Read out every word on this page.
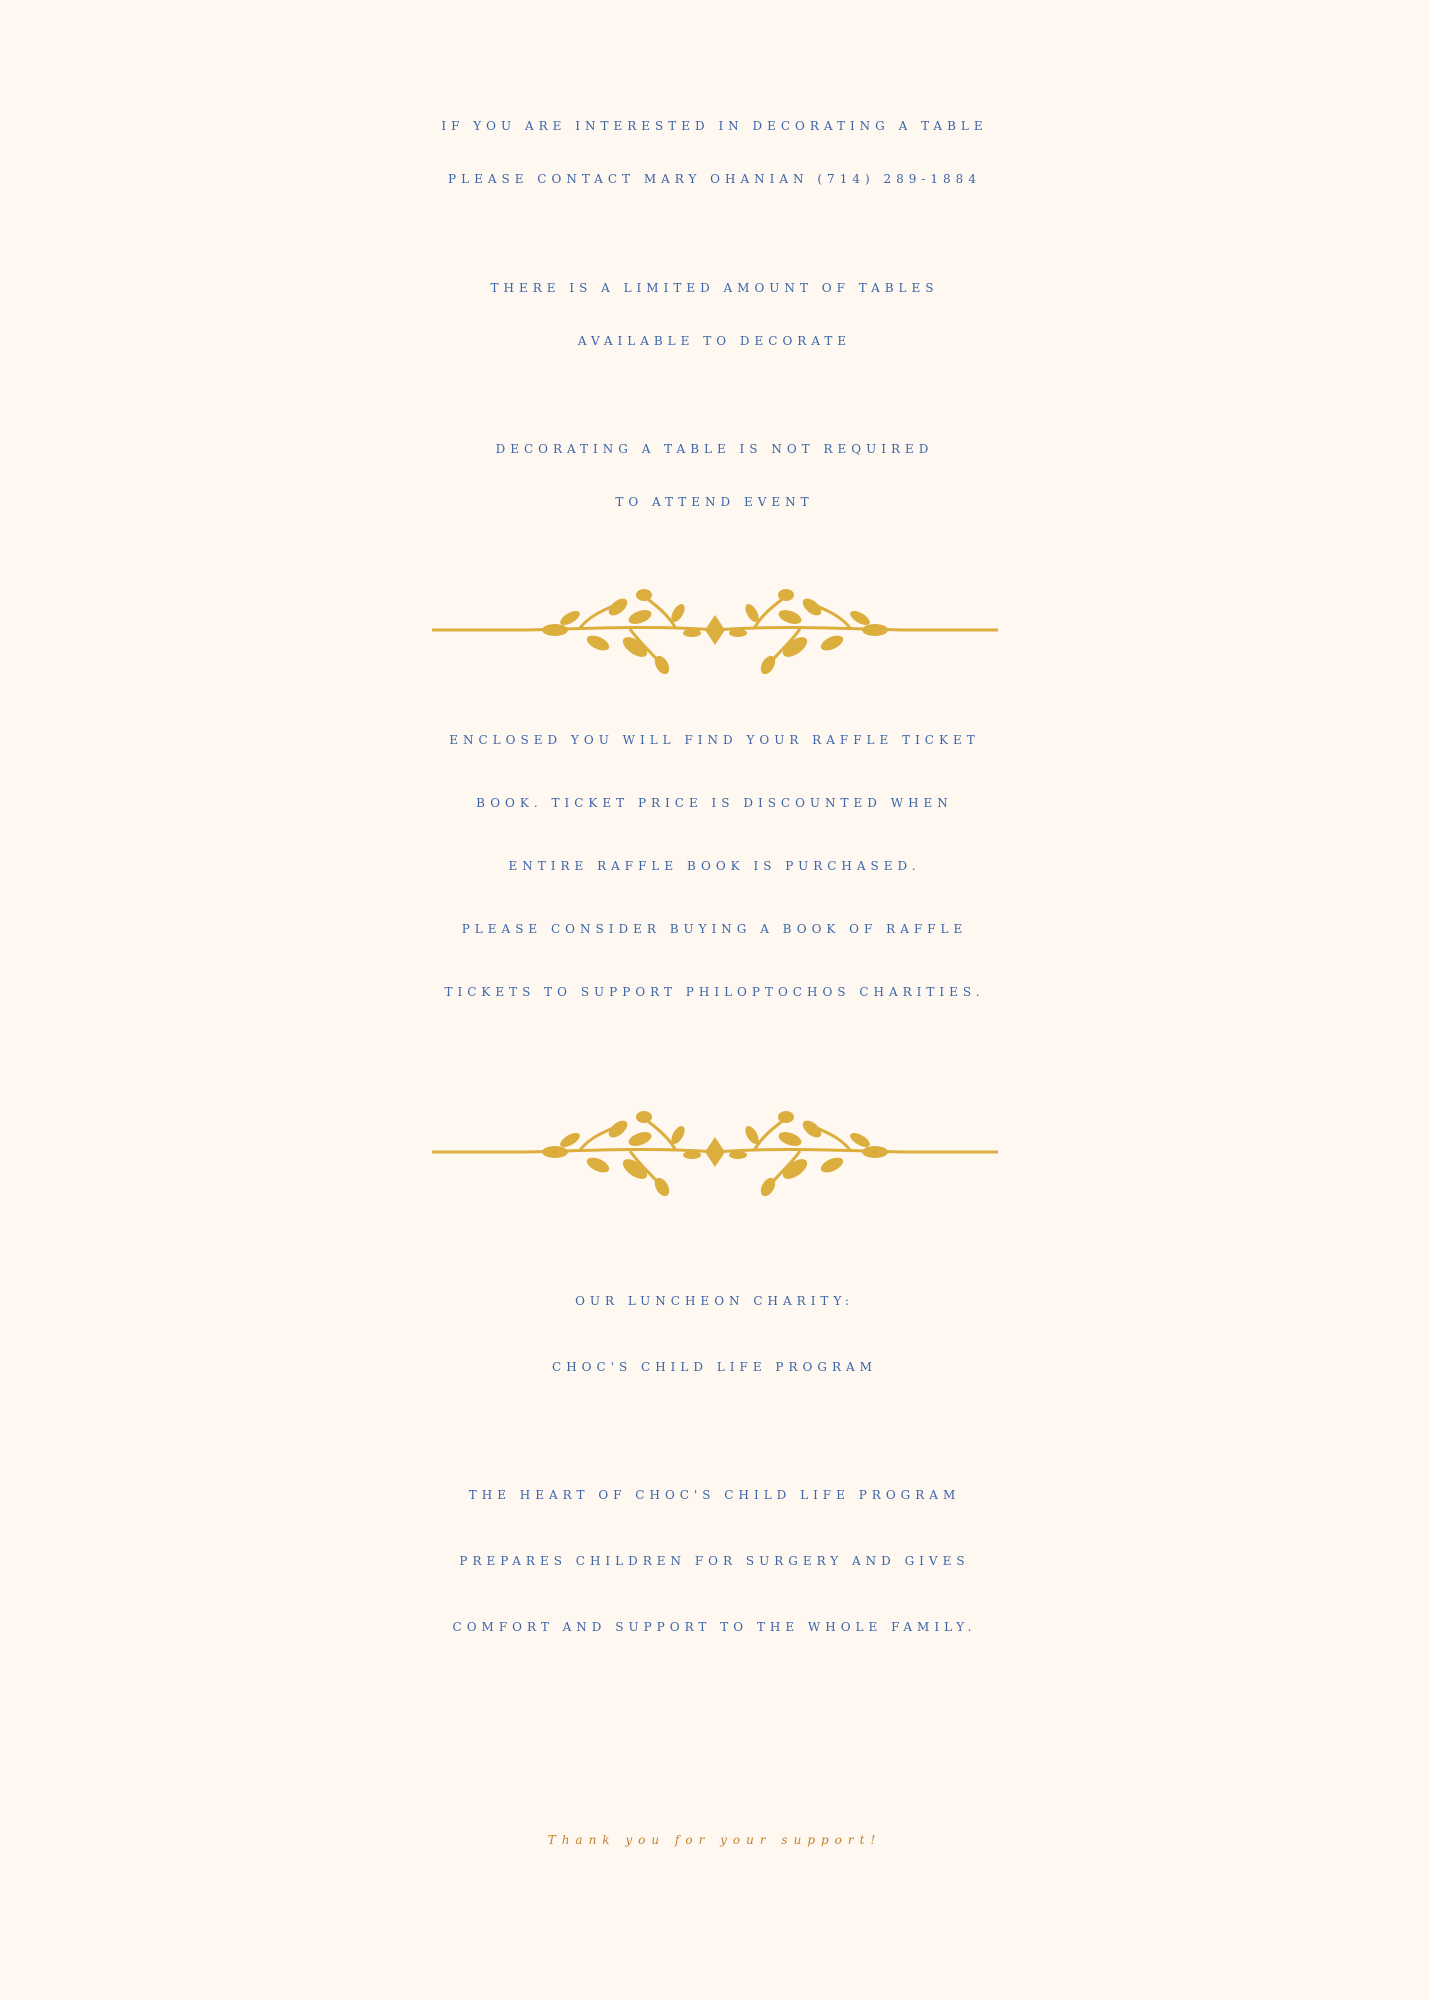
IF YOU ARE INTERESTED IN DECORATING A TABLE
PLEASE CONTACT MARY OHANIAN (714) 289-1884
THERE IS A LIMITED AMOUNT OF TABLES
AVAILABLE TO DECORATE
DECORATING A TABLE IS NOT REQUIRED
TO ATTEND EVENT
ENCLOSED YOU WILL FIND YOUR RAFFLE TICKET
BOOK. TICKET PRICE IS DISCOUNTED WHEN
ENTIRE RAFFLE BOOK IS PURCHASED.
PLEASE CONSIDER BUYING A BOOK OF RAFFLE
TICKETS TO SUPPORT PHILOPTOCHOS CHARITIES.
OUR LUNCHEON CHARITY:
CHOC'S CHILD LIFE PROGRAM
THE HEART OF CHOC'S CHILD LIFE PROGRAM
PREPARES CHILDREN FOR SURGERY AND GIVES
COMFORT AND SUPPORT TO THE WHOLE FAMILY.
Thank you for your support!
